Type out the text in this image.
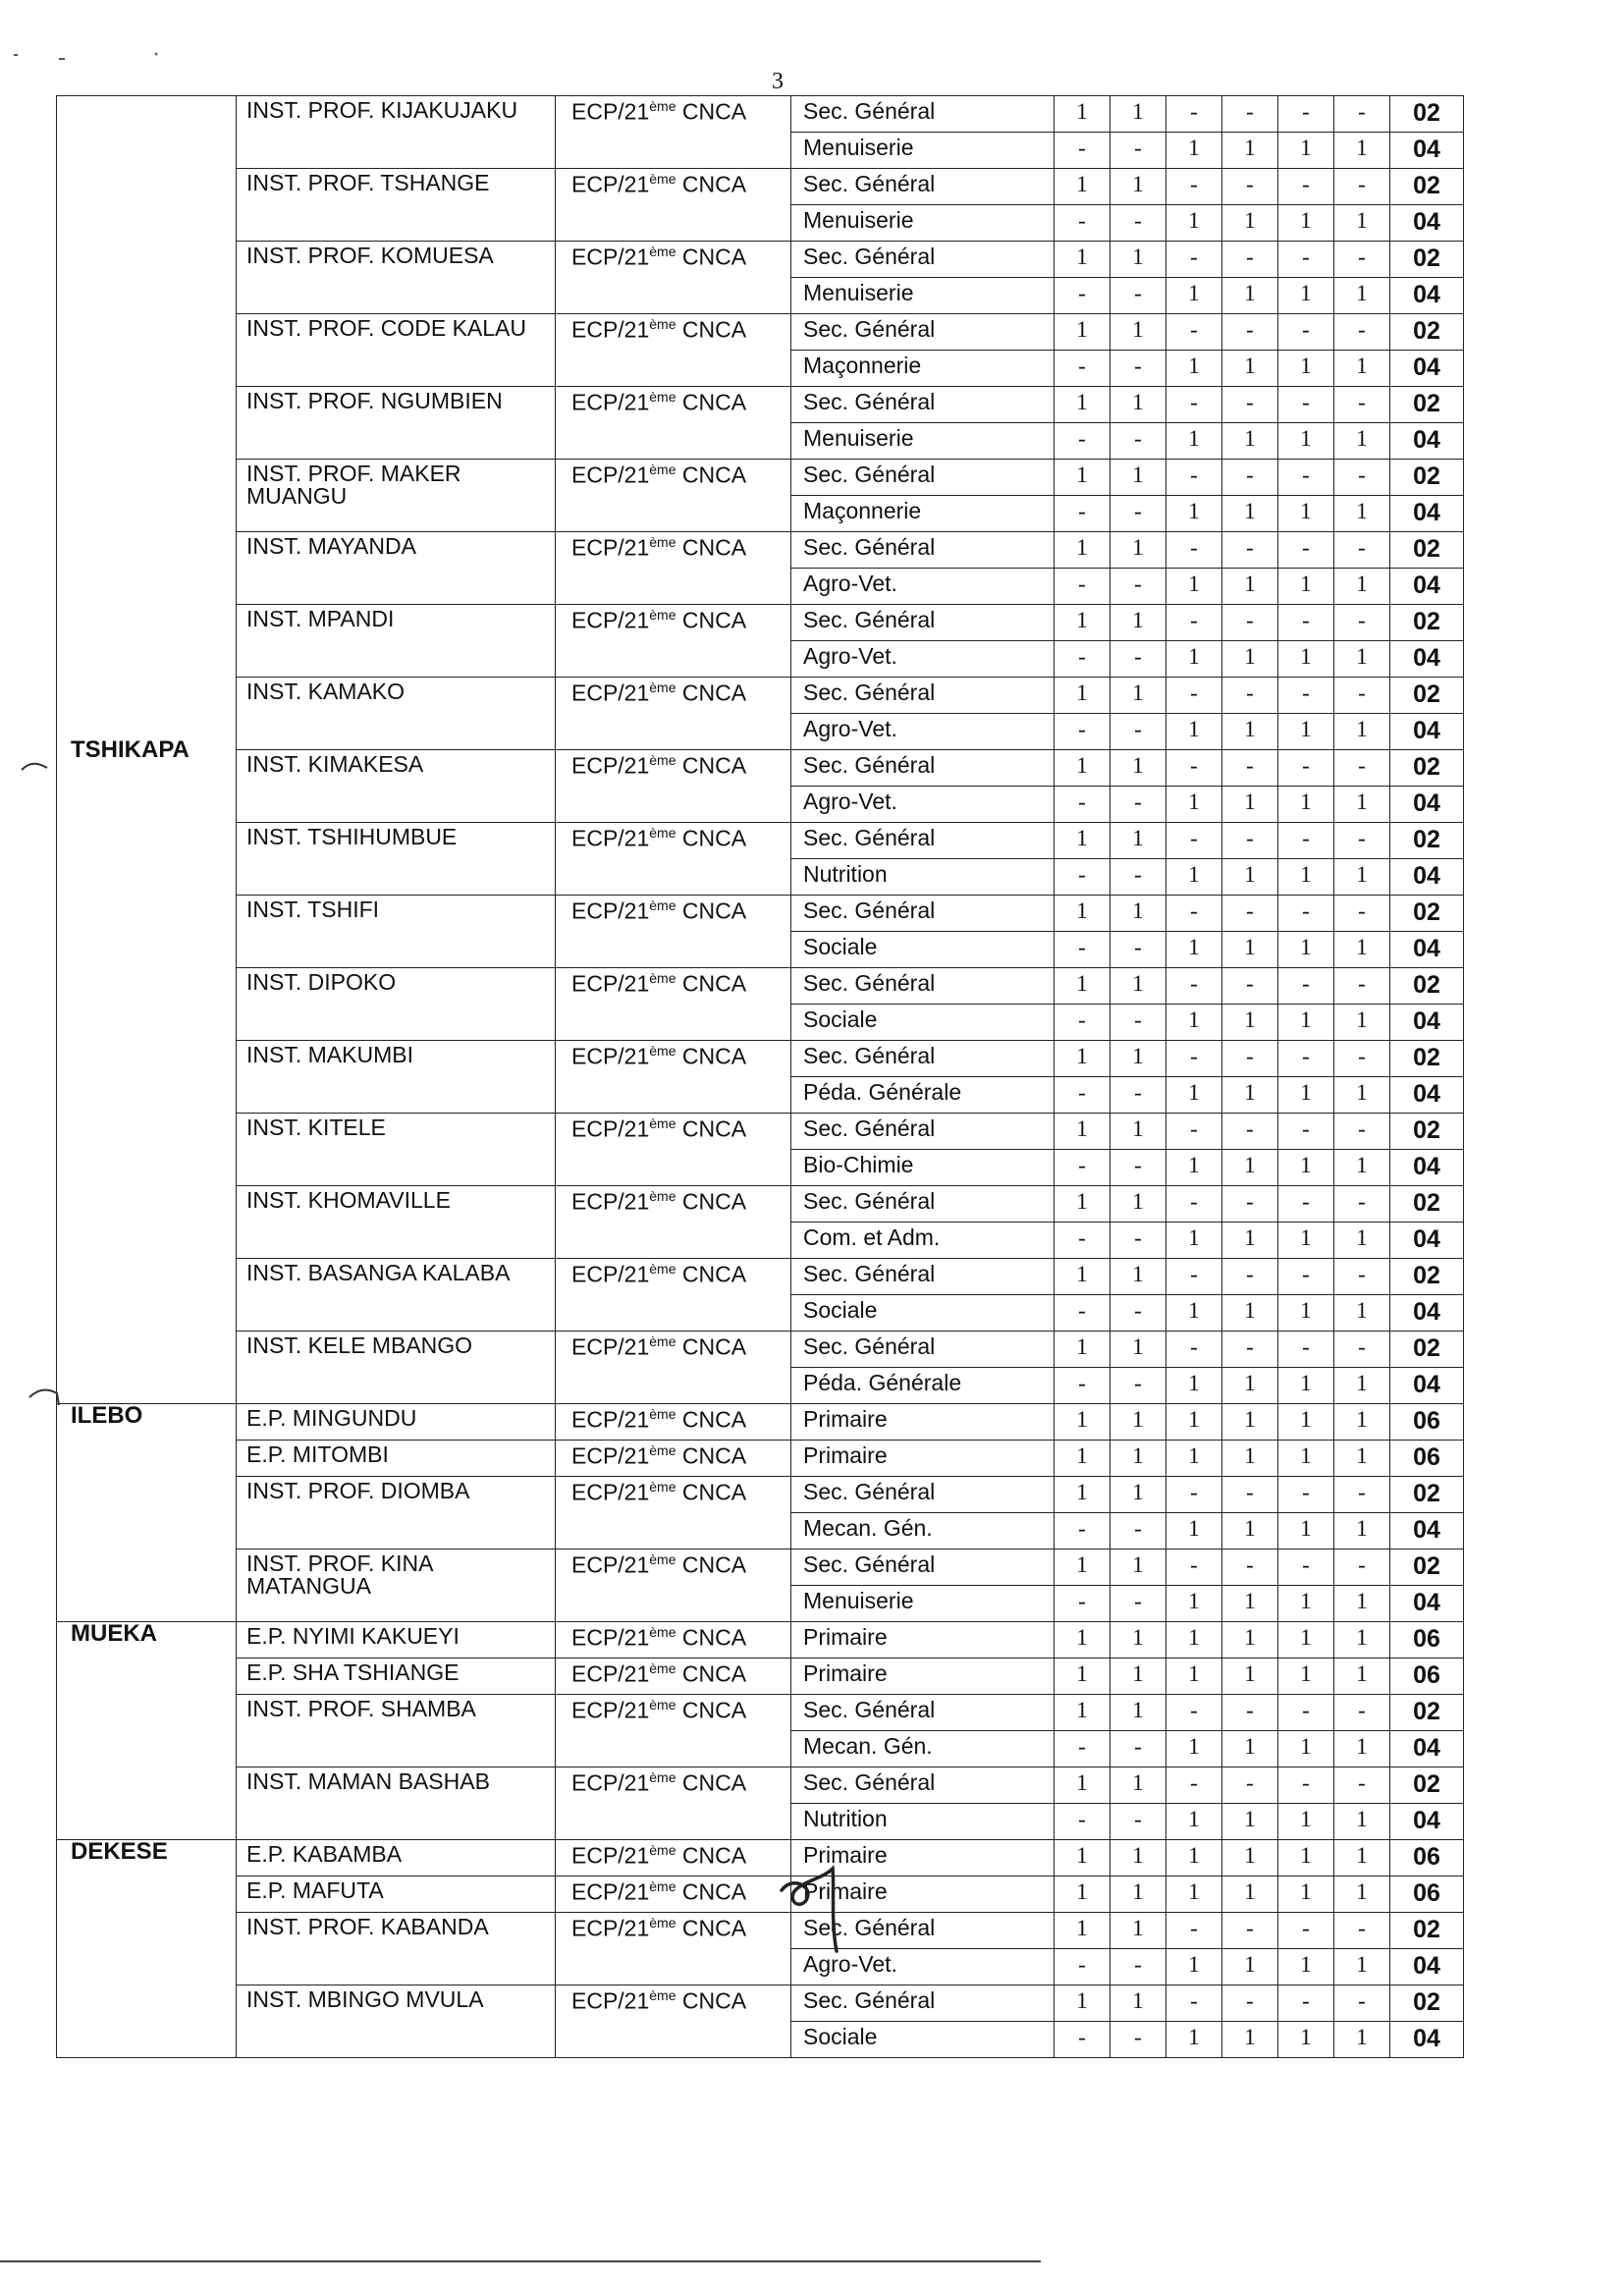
3
TSHIKAPA	INST. PROF. KIJAKUJAKU	ECP/21ème CNCA	Sec. Général	1	1	-	-	-	-	02
			Menuiserie	-	-	1	1	1	1	04
	INST. PROF. TSHANGE	ECP/21ème CNCA	Sec. Général	1	1	-	-	-	-	02
			Menuiserie	-	-	1	1	1	1	04
	INST. PROF. KOMUESA	ECP/21ème CNCA	Sec. Général	1	1	-	-	-	-	02
			Menuiserie	-	-	1	1	1	1	04
	INST. PROF. CODE KALAU	ECP/21ème CNCA	Sec. Général	1	1	-	-	-	-	02
			Maçonnerie	-	-	1	1	1	1	04
	INST. PROF. NGUMBIEN	ECP/21ème CNCA	Sec. Général	1	1	-	-	-	-	02
			Menuiserie	-	-	1	1	1	1	04
	INST. PROF. MAKER MUANGU	ECP/21ème CNCA	Sec. Général	1	1	-	-	-	-	02
			Maçonnerie	-	-	1	1	1	1	04
	INST. MAYANDA	ECP/21ème CNCA	Sec. Général	1	1	-	-	-	-	02
			Agro-Vet.	-	-	1	1	1	1	04
	INST. MPANDI	ECP/21ème CNCA	Sec. Général	1	1	-	-	-	-	02
			Agro-Vet.	-	-	1	1	1	1	04
	INST. KAMAKO	ECP/21ème CNCA	Sec. Général	1	1	-	-	-	-	02
			Agro-Vet.	-	-	1	1	1	1	04
	INST. KIMAKESA	ECP/21ème CNCA	Sec. Général	1	1	-	-	-	-	02
			Agro-Vet.	-	-	1	1	1	1	04
	INST. TSHIHUMBUE	ECP/21ème CNCA	Sec. Général	1	1	-	-	-	-	02
			Nutrition	-	-	1	1	1	1	04
	INST. TSHIFI	ECP/21ème CNCA	Sec. Général	1	1	-	-	-	-	02
			Sociale	-	-	1	1	1	1	04
	INST. DIPOKO	ECP/21ème CNCA	Sec. Général	1	1	-	-	-	-	02
			Sociale	-	-	1	1	1	1	04
	INST. MAKUMBI	ECP/21ème CNCA	Sec. Général	1	1	-	-	-	-	02
			Péda. Générale	-	-	1	1	1	1	04
	INST. KITELE	ECP/21ème CNCA	Sec. Général	1	1	-	-	-	-	02
			Bio-Chimie	-	-	1	1	1	1	04
	INST. KHOMAVILLE	ECP/21ème CNCA	Sec. Général	1	1	-	-	-	-	02
			Com. et Adm.	-	-	1	1	1	1	04
	INST. BASANGA KALABA	ECP/21ème CNCA	Sec. Général	1	1	-	-	-	-	02
			Sociale	-	-	1	1	1	1	04
	INST. KELE MBANGO	ECP/21ème CNCA	Sec. Général	1	1	-	-	-	-	02
			Péda. Générale	-	-	1	1	1	1	04
ILEBO	E.P. MINGUNDU	ECP/21ème CNCA	Primaire	1	1	1	1	1	1	06
	E.P. MITOMBI	ECP/21ème CNCA	Primaire	1	1	1	1	1	1	06
	INST. PROF. DIOMBA	ECP/21ème CNCA	Sec. Général	1	1	-	-	-	-	02
			Mecan. Gén.	-	-	1	1	1	1	04
	INST. PROF. KINA MATANGUA	ECP/21ème CNCA	Sec. Général	1	1	-	-	-	-	02
			Menuiserie	-	-	1	1	1	1	04
MUEKA	E.P. NYIMI KAKUEYI	ECP/21ème CNCA	Primaire	1	1	1	1	1	1	06
	E.P. SHA TSHIANGE	ECP/21ème CNCA	Primaire	1	1	1	1	1	1	06
	INST. PROF. SHAMBA	ECP/21ème CNCA	Sec. Général	1	1	-	-	-	-	02
			Mecan. Gén.	-	-	1	1	1	1	04
	INST. MAMAN BASHAB	ECP/21ème CNCA	Sec. Général	1	1	-	-	-	-	02
			Nutrition	-	-	1	1	1	1	04
DEKESE	E.P. KABAMBA	ECP/21ème CNCA	Primaire	1	1	1	1	1	1	06
	E.P. MAFUTA	ECP/21ème CNCA	Primaire	1	1	1	1	1	1	06
	INST. PROF. KABANDA	ECP/21ème CNCA	Sec. Général	1	1	-	-	-	-	02
			Agro-Vet.	-	-	1	1	1	1	04
	INST. MBINGO MVULA	ECP/21ème CNCA	Sec. Général	1	1	-	-	-	-	02
			Sociale	-	-	1	1	1	1	04
